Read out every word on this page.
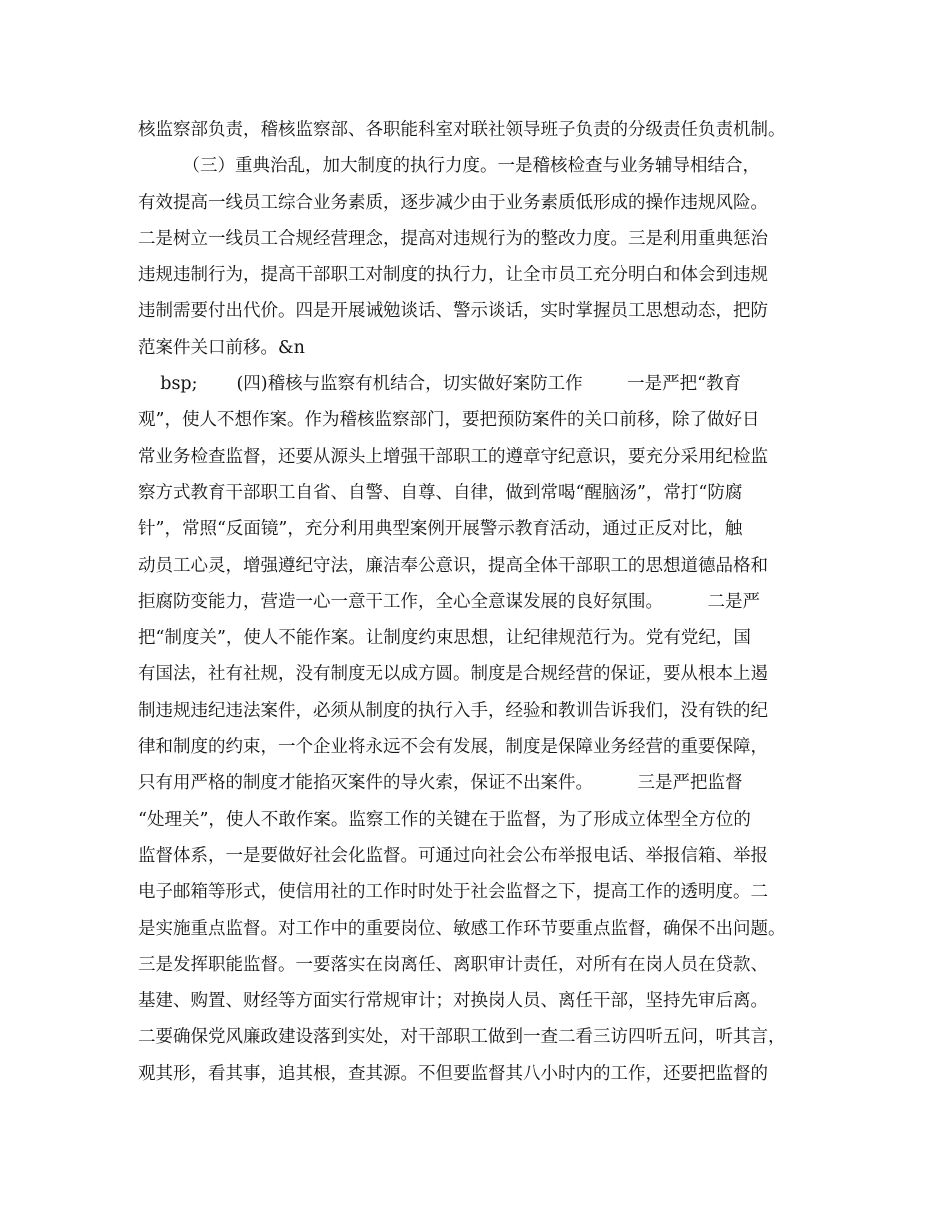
核监察部负责，稽核监察部、各职能科室对联社领导班子负责的分级责任负责机制。
（三）重典治乱，加大制度的执行力度。一是稽核检查与业务辅导相结合，
有效提高一线员工综合业务素质，逐步减少由于业务素质低形成的操作违规风险。
二是树立一线员工合规经营理念，提高对违规行为的整改力度。三是利用重典惩治
违规违制行为，提高干部职工对制度的执行力，让全市员工充分明白和体会到违规
违制需要付出代价。四是开展诫勉谈话、警示谈话，实时掌握员工思想动态，把防
范案件关口前移。&n
bsp;       (四)稽核与监察有机结合，切实做好案防工作        一是严把“教育
观”，使人不想作案。作为稽核监察部门，要把预防案件的关口前移，除了做好日
常业务检查监督，还要从源头上增强干部职工的遵章守纪意识，要充分采用纪检监
察方式教育干部职工自省、自警、自尊、自律，做到常喝“醒脑汤”，常打“防腐
针”，常照“反面镜”，充分利用典型案例开展警示教育活动，通过正反对比，触
动员工心灵，增强遵纪守法，廉洁奉公意识，提高全体干部职工的思想道德品格和
拒腐防变能力，营造一心一意干工作，全心全意谋发展的良好氛围。        二是严
把“制度关”，使人不能作案。让制度约束思想，让纪律规范行为。党有党纪，国
有国法，社有社规，没有制度无以成方圆。制度是合规经营的保证，要从根本上遏
制违规违纪违法案件，必须从制度的执行入手，经验和教训告诉我们，没有铁的纪
律和制度的约束，一个企业将永远不会有发展，制度是保障业务经营的重要保障，
只有用严格的制度才能掐灭案件的导火索，保证不出案件。        三是严把监督
“处理关”，使人不敢作案。监察工作的关键在于监督，为了形成立体型全方位的
监督体系，一是要做好社会化监督。可通过向社会公布举报电话、举报信箱、举报
电子邮箱等形式，使信用社的工作时时处于社会监督之下，提高工作的透明度。二
是实施重点监督。对工作中的重要岗位、敏感工作环节要重点监督，确保不出问题。
三是发挥职能监督。一要落实在岗离任、离职审计责任，对所有在岗人员在贷款、
基建、购置、财经等方面实行常规审计；对换岗人员、离任干部，坚持先审后离。
二要确保党风廉政建设落到实处，对干部职工做到一查二看三访四听五问，听其言，
观其形，看其事，追其根，查其源。不但要监督其八小时内的工作，还要把监督的
